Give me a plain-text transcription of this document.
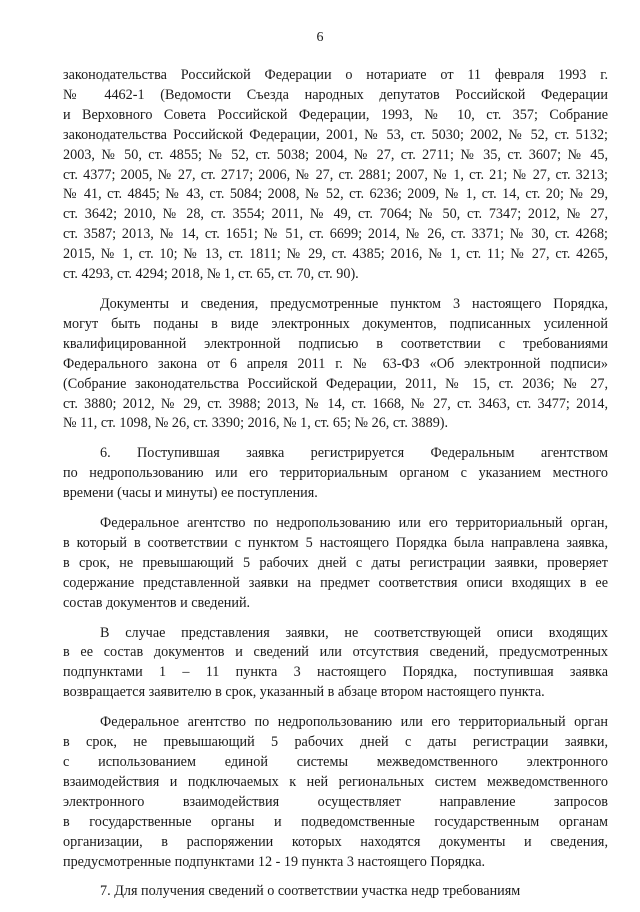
6
законодательства Российской Федерации о нотариате от 11 февраля 1993 г.
№ 4462-1 (Ведомости Съезда народных депутатов Российской Федерации
и Верховного Совета Российской Федерации, 1993, № 10, ст. 357; Собрание
законодательства Российской Федерации, 2001, № 53, ст. 5030; 2002, № 52, ст. 5132;
2003, № 50, ст. 4855; № 52, ст. 5038; 2004, № 27, ст. 2711; № 35, ст. 3607; № 45,
ст. 4377; 2005, № 27, ст. 2717; 2006, № 27, ст. 2881; 2007, № 1, ст. 21; № 27, ст. 3213;
№ 41, ст. 4845; № 43, ст. 5084; 2008, № 52, ст. 6236; 2009, № 1, ст. 14, ст. 20; № 29,
ст. 3642; 2010, № 28, ст. 3554; 2011, № 49, ст. 7064; № 50, ст. 7347; 2012, № 27,
ст. 3587; 2013, № 14, ст. 1651; № 51, ст. 6699; 2014, № 26, ст. 3371; № 30, ст. 4268;
2015, № 1, ст. 10; № 13, ст. 1811; № 29, ст. 4385; 2016, № 1, ст. 11; № 27, ст. 4265,
ст. 4293, ст. 4294; 2018, № 1, ст. 65, ст. 70, ст. 90).
Документы и сведения, предусмотренные пунктом 3 настоящего Порядка,
могут быть поданы в виде электронных документов, подписанных усиленной
квалифицированной электронной подписью в соответствии с требованиями
Федерального закона от 6 апреля 2011 г. № 63-ФЗ «Об электронной подписи»
(Собрание законодательства Российской Федерации, 2011, № 15, ст. 2036; № 27,
ст. 3880; 2012, № 29, ст. 3988; 2013, № 14, ст. 1668, № 27, ст. 3463, ст. 3477; 2014,
№ 11, ст. 1098, № 26, ст. 3390; 2016, № 1, ст. 65; № 26, ст. 3889).
6. Поступившая заявка регистрируется Федеральным агентством
по недропользованию или его территориальным органом с указанием местного
времени (часы и минуты) ее поступления.
Федеральное агентство по недропользованию или его территориальный орган,
в который в соответствии с пунктом 5 настоящего Порядка была направлена заявка,
в срок, не превышающий 5 рабочих дней с даты регистрации заявки, проверяет
содержание представленной заявки на предмет соответствия описи входящих в ее
состав документов и сведений.
В случае представления заявки, не соответствующей описи входящих
в ее состав документов и сведений или отсутствия сведений, предусмотренных
подпунктами 1 – 11 пункта 3 настоящего Порядка, поступившая заявка
возвращается заявителю в срок, указанный в абзаце втором настоящего пункта.
Федеральное агентство по недропользованию или его территориальный орган
в срок, не превышающий 5 рабочих дней с даты регистрации заявки,
с использованием единой системы межведомственного электронного
взаимодействия и подключаемых к ней региональных систем межведомственного
электронного взаимодействия осуществляет направление запросов
в государственные органы и подведомственные государственным органам
организации, в распоряжении которых находятся документы и сведения,
предусмотренные подпунктами 12 - 19 пункта 3 настоящего Порядка.
7. Для получения сведений о соответствии участка недр требованиям
